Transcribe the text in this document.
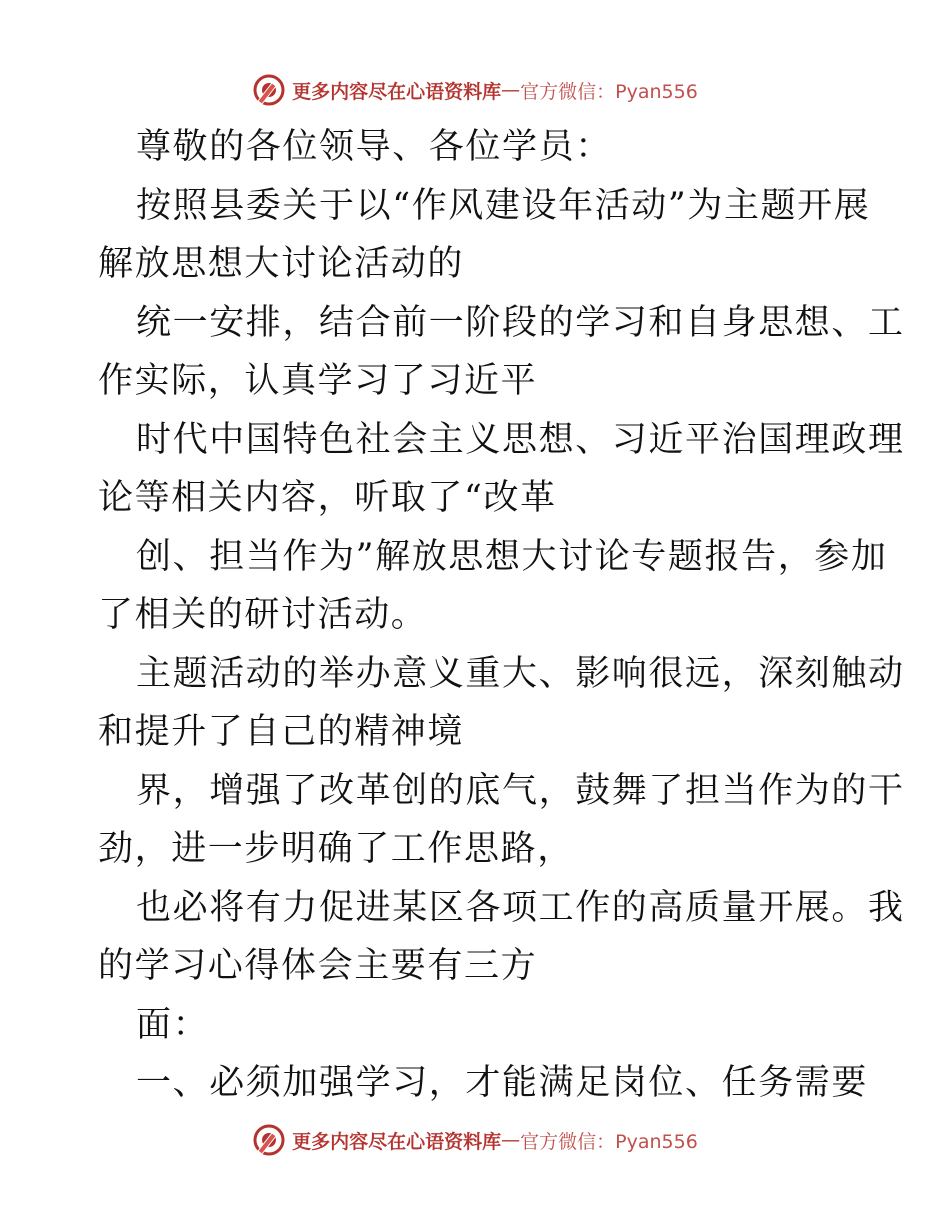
更多内容尽在心语资料库 — 官方微信：Pyan556
尊敬的各位领导、各位学员：
按照县委关于以“作风建设年活动”为主题开展
解放思想大讨论活动的
统一安排，结合前一阶段的学习和自身思想、工
作实际，认真学习了习近平
时代中国特色社会主义思想、习近平治国理政理
论等相关内容，听取了“改革
创、担当作为”解放思想大讨论专题报告，参加
了相关的研讨活动。
主题活动的举办意义重大、影响很远，深刻触动
和提升了自己的精神境
界，增强了改革创的底气，鼓舞了担当作为的干
劲，进一步明确了工作思路，
也必将有力促进某区各项工作的高质量开展。我
的学习心得体会主要有三方
面：
一、必须加强学习，才能满足岗位、任务需要
更多内容尽在心语资料库 — 官方微信：Pyan556
